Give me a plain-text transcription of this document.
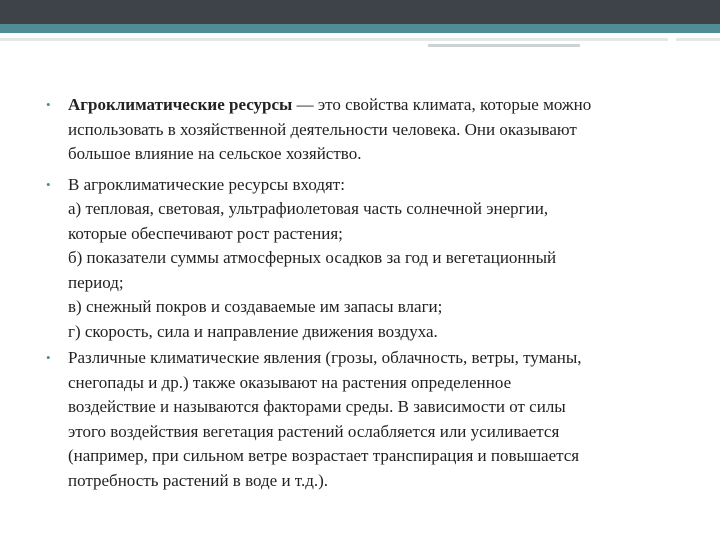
• Агроклиматические ресурсы — это свойства климата, которые можно
использовать в хозяйственной деятельности человека. Они оказывают
большое влияние на сельское хозяйство.
• В агроклиматические ресурсы входят:
а) тепловая, световая, ультрафиолетовая часть солнечной энергии,
которые обеспечивают рост растения;
б) показатели суммы атмосферных осадков за год и вегетационный
период;
в) снежный покров и создаваемые им запасы влаги;
г) скорость, сила и направление движения воздуха.
• Различные климатические явления (грозы, облачность, ветры, туманы,
снегопады и др.) также оказывают на растения определенное
воздействие и называются факторами среды. В зависимости от силы
этого воздействия вегетация растений ослабляется или усиливается
(например, при сильном ветре возрастает транспирация и повышается
потребность растений в воде и т.д.).
